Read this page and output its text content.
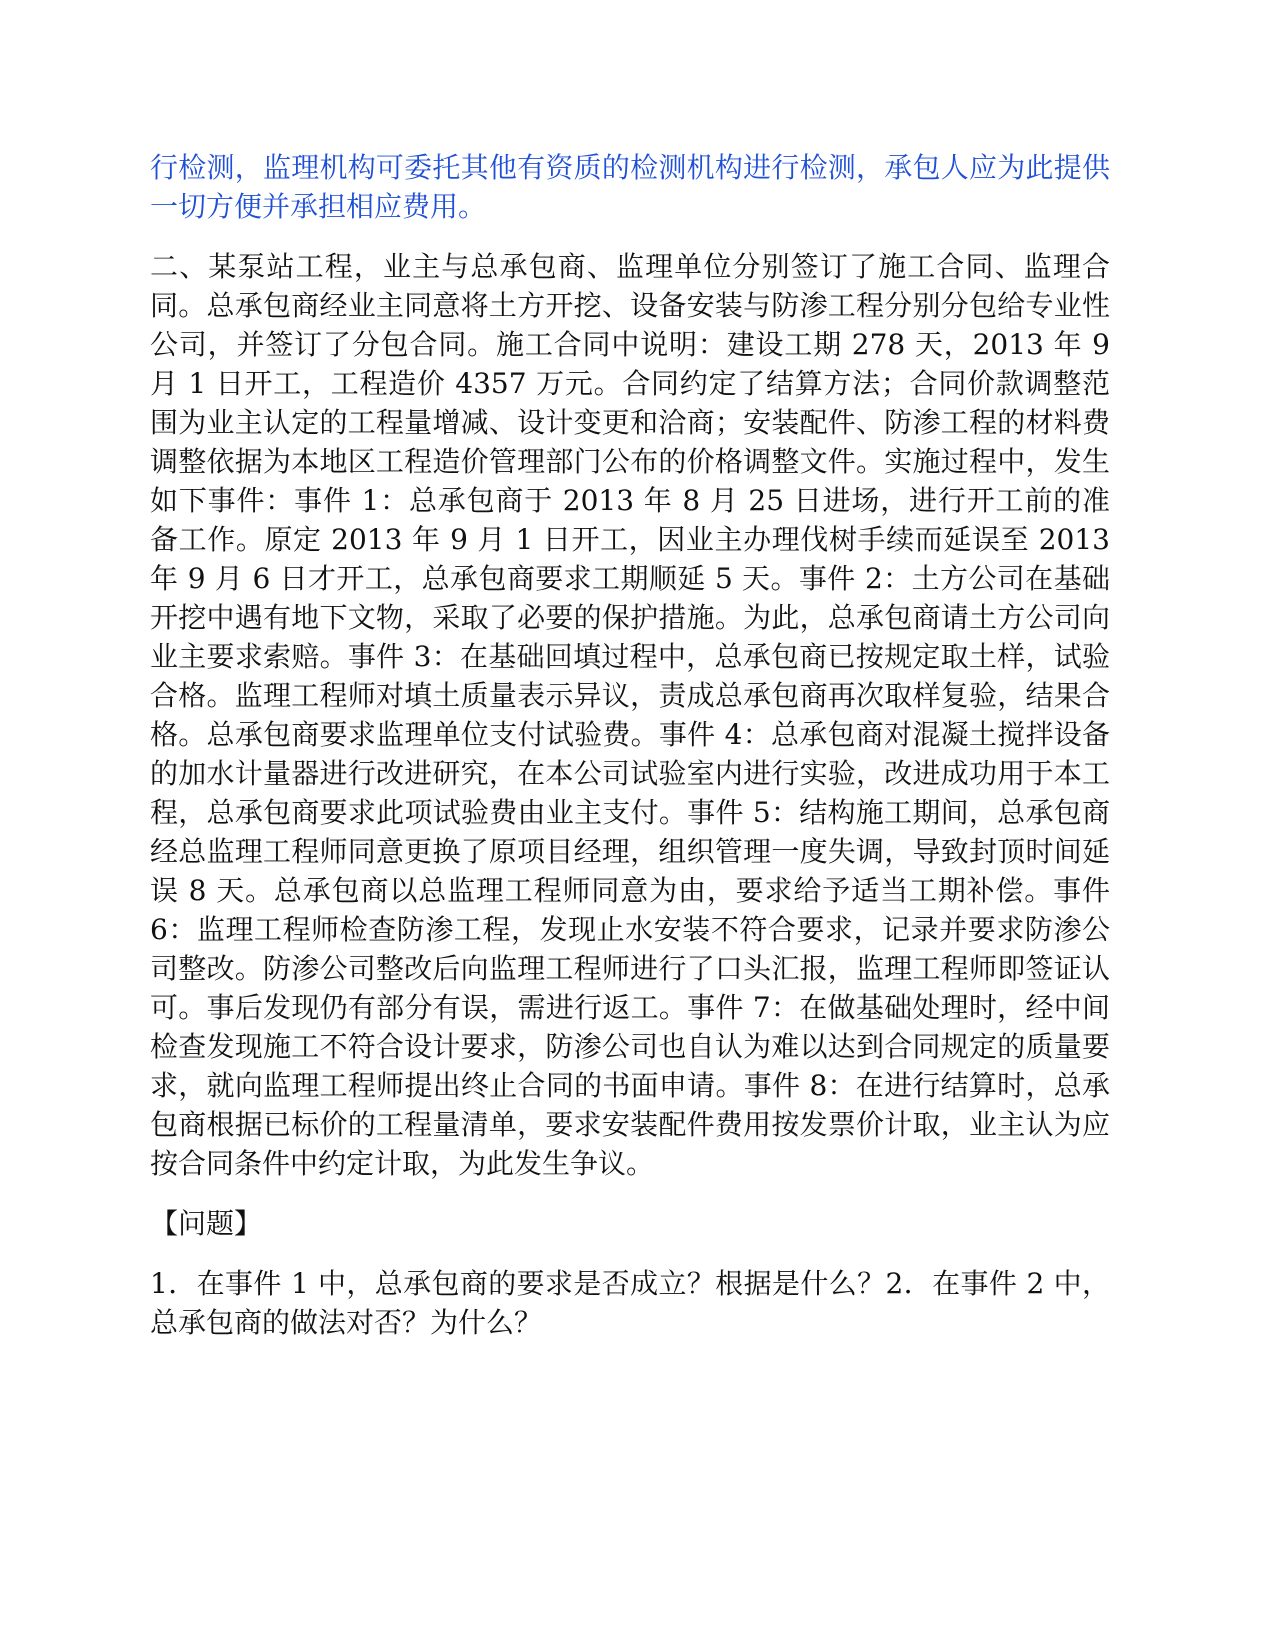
行检测，监理机构可委托其他有资质的检测机构进行检测，承包人应为此提供一切方便并承担相应费用。

二、某泵站工程，业主与总承包商、监理单位分别签订了施工合同、监理合同。总承包商经业主同意将土方开挖、设备安装与防渗工程分别分包给专业性公司，并签订了分包合同。施工合同中说明：建设工期 278 天，2013 年 9 月 1 日开工，工程造价 4357 万元。合同约定了结算方法；合同价款调整范围为业主认定的工程量增减、设计变更和洽商；安装配件、防渗工程的材料费调整依据为本地区工程造价管理部门公布的价格调整文件。实施过程中，发生如下事件：事件 1：总承包商于 2013 年 8 月 25 日进场，进行开工前的准备工作。原定 2013 年 9 月 1 日开工，因业主办理伐树手续而延误至 2013 年 9 月 6 日才开工，总承包商要求工期顺延 5 天。事件 2：土方公司在基础开挖中遇有地下文物，采取了必要的保护措施。为此，总承包商请土方公司向业主要求索赔。事件 3：在基础回填过程中，总承包商已按规定取土样，试验合格。监理工程师对填土质量表示异议，责成总承包商再次取样复验，结果合格。总承包商要求监理单位支付试验费。事件 4：总承包商对混凝土搅拌设备的加水计量器进行改进研究，在本公司试验室内进行实验，改进成功用于本工程，总承包商要求此项试验费由业主支付。事件 5：结构施工期间，总承包商经总监理工程师同意更换了原项目经理，组织管理一度失调，导致封顶时间延误 8 天。总承包商以总监理工程师同意为由，要求给予适当工期补偿。事件 6：监理工程师检查防渗工程，发现止水安装不符合要求，记录并要求防渗公司整改。防渗公司整改后向监理工程师进行了口头汇报，监理工程师即签证认可。事后发现仍有部分有误，需进行返工。事件 7：在做基础处理时，经中间检查发现施工不符合设计要求，防渗公司也自认为难以达到合同规定的质量要求，就向监理工程师提出终止合同的书面申请。事件 8：在进行结算时，总承包商根据已标价的工程量清单，要求安装配件费用按发票价计取，业主认为应按合同条件中约定计取，为此发生争议。

【问题】

1．在事件 1 中，总承包商的要求是否成立？根据是什么？2．在事件 2 中，总承包商的做法对否？为什么？
